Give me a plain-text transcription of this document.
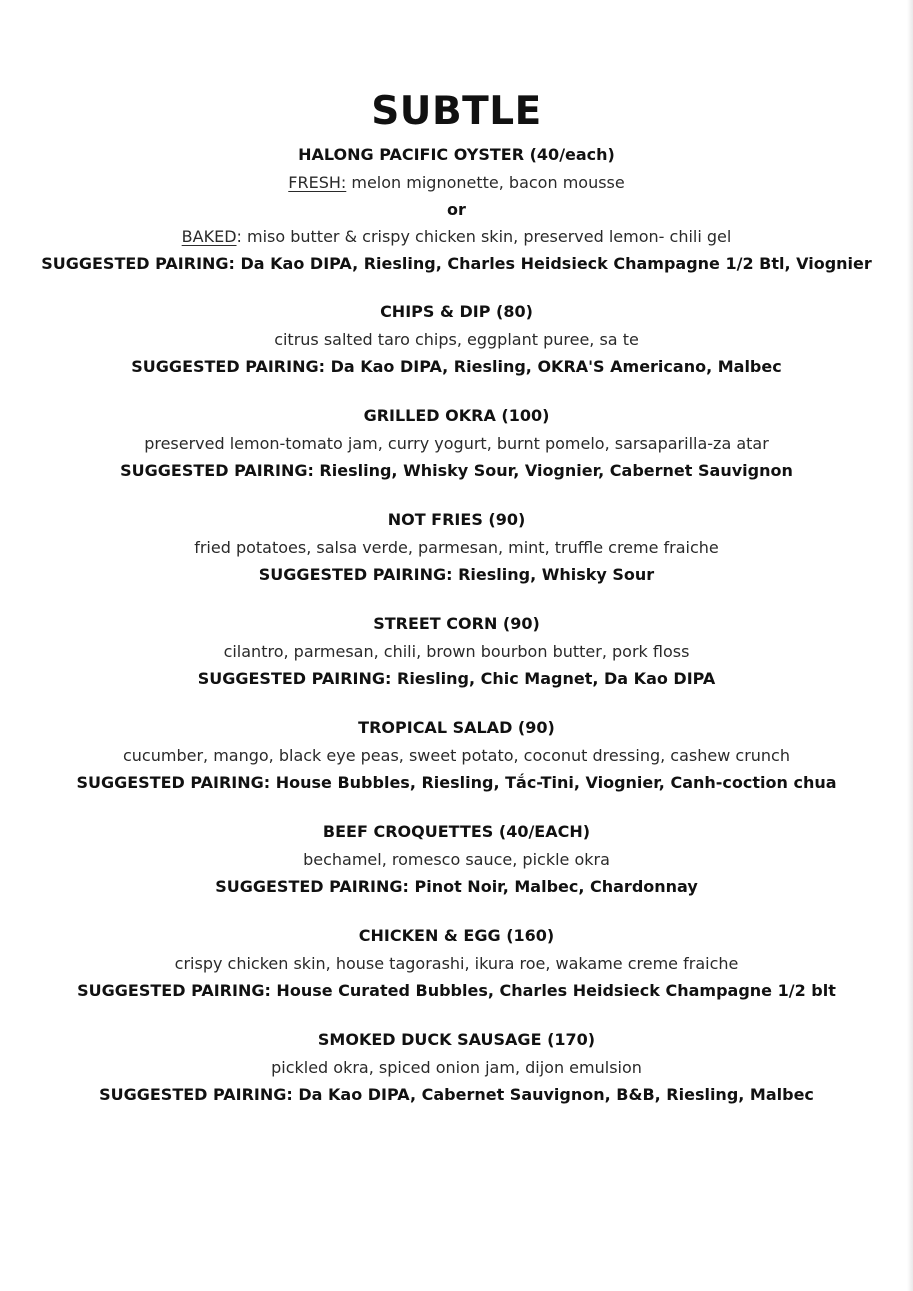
SUBTLE
HALONG PACIFIC OYSTER (40/each)
FRESH: melon mignonette, bacon mousse
or
BAKED: miso butter & crispy chicken skin, preserved lemon- chili gel
SUGGESTED PAIRING: Da Kao DIPA, Riesling, Charles Heidsieck Champagne 1/2 Btl, Viognier
CHIPS & DIP (80)
citrus salted taro chips, eggplant puree, sa te
SUGGESTED PAIRING: Da Kao DIPA, Riesling, OKRA'S Americano, Malbec
GRILLED OKRA (100)
preserved lemon-tomato jam, curry yogurt, burnt pomelo, sarsaparilla-za atar
SUGGESTED PAIRING: Riesling, Whisky Sour, Viognier, Cabernet Sauvignon
NOT FRIES (90)
fried potatoes, salsa verde, parmesan, mint, truffle creme fraiche
SUGGESTED PAIRING: Riesling, Whisky Sour
STREET CORN (90)
cilantro, parmesan, chili, brown bourbon butter, pork floss
SUGGESTED PAIRING: Riesling, Chic Magnet, Da Kao DIPA
TROPICAL SALAD (90)
cucumber, mango, black eye peas, sweet potato, coconut dressing, cashew crunch
SUGGESTED PAIRING: House Bubbles, Riesling, Tắc-Tini, Viognier, Canh-coction chua
BEEF CROQUETTES (40/EACH)
bechamel, romesco sauce, pickle okra
SUGGESTED PAIRING: Pinot Noir, Malbec, Chardonnay
CHICKEN & EGG (160)
crispy chicken skin, house tagorashi, ikura roe, wakame creme fraiche
SUGGESTED PAIRING: House Curated Bubbles, Charles Heidsieck Champagne 1/2 blt
SMOKED DUCK SAUSAGE (170)
pickled okra, spiced onion jam, dijon emulsion
SUGGESTED PAIRING: Da Kao DIPA, Cabernet Sauvignon, B&B, Riesling, Malbec
